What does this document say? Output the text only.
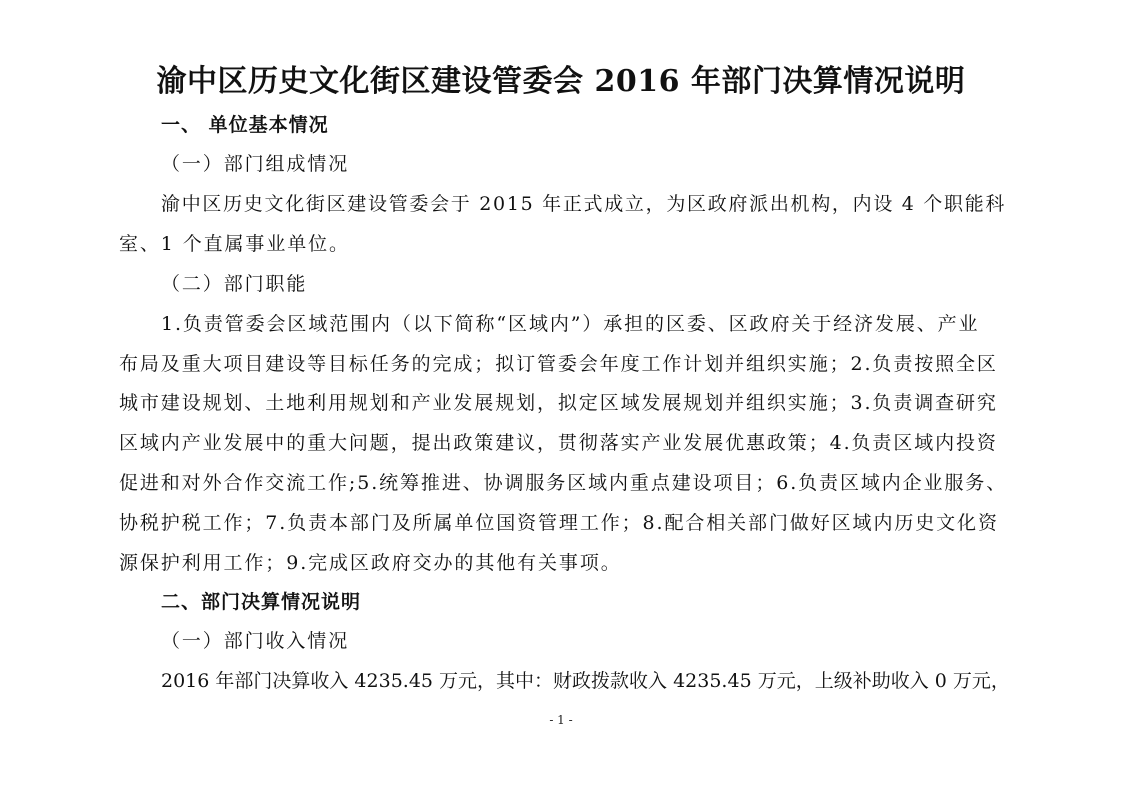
渝中区历史文化街区建设管委会 2016 年部门决算情况说明
一、 单位基本情况
（一）部门组成情况
渝中区历史文化街区建设管委会于 2015 年正式成立，为区政府派出机构，内设 4 个职能科
室、1 个直属事业单位。
（二）部门职能
1.负责管委会区域范围内（以下简称“区域内”）承担的区委、区政府关于经济发展、产业
布局及重大项目建设等目标任务的完成；拟订管委会年度工作计划并组织实施；2.负责按照全区
城市建设规划、土地利用规划和产业发展规划，拟定区域发展规划并组织实施；3.负责调查研究
区域内产业发展中的重大问题，提出政策建议，贯彻落实产业发展优惠政策；4.负责区域内投资
促进和对外合作交流工作;5.统筹推进、协调服务区域内重点建设项目；6.负责区域内企业服务、
协税护税工作；7.负责本部门及所属单位国资管理工作；8.配合相关部门做好区域内历史文化资
源保护利用工作；9.完成区政府交办的其他有关事项。
二、部门决算情况说明
（一）部门收入情况
2016 年部门决算收入 4235.45 万元，其中：财政拨款收入 4235.45 万元，上级补助收入 0 万元，
- 1 -
